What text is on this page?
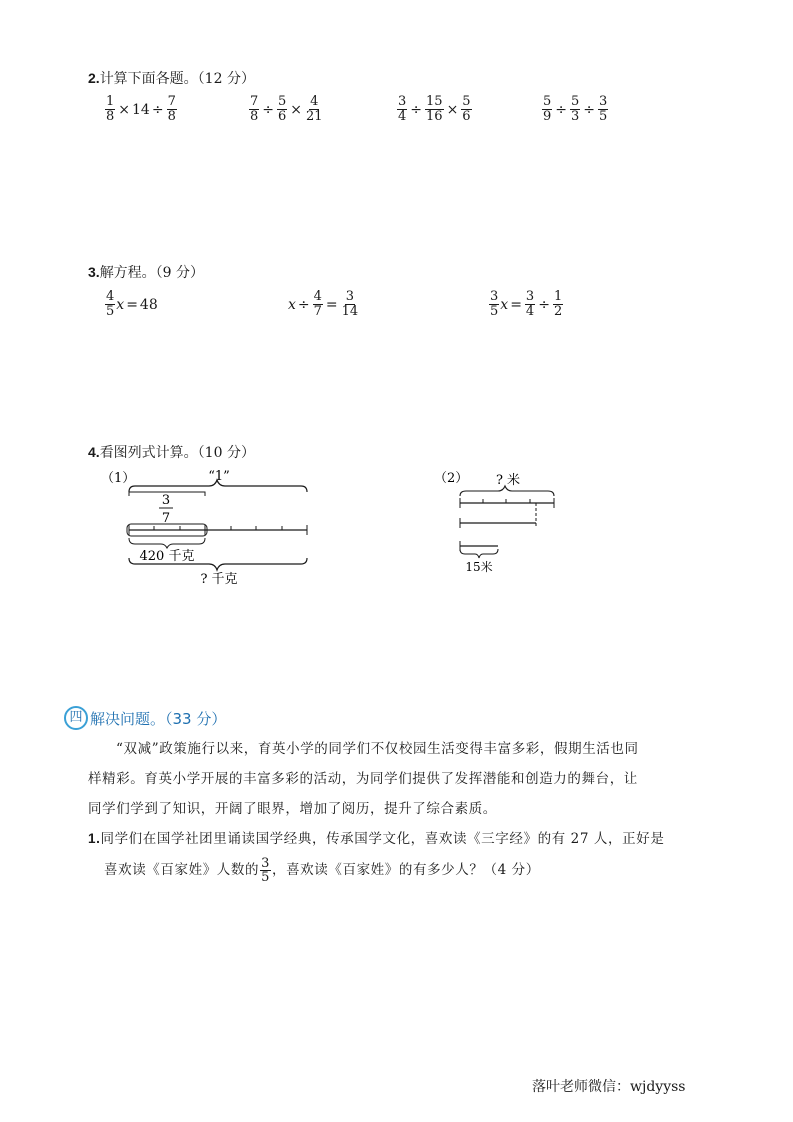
2.计算下面各题。（12 分）
$\frac{1}{8} \times 14 \div \frac{7}{8}$	$\frac{7}{8} \div \frac{5}{6} \times \frac{4}{21}$	$\frac{3}{4} \div \frac{15}{16} \times \frac{5}{6}$	$\frac{5}{9} \div \frac{5}{3} \div \frac{3}{5}$
3.解方程。（9 分）
$\frac{4}{5}$ x = 48	$x \div \frac{4}{7} = \frac{3}{14}$	$\frac{3}{5}$ $x = \frac{3}{4} \div \frac{1}{2}$
4.看图列式计算。（10 分）
（1）	“1”
3
7
420 千克
? 千克
（2） ? 米
15米
四 解决问题。（33 分）
“双减”政策施行以来，育英小学的同学们不仅校园生活变得丰富多彩，假期生活也同
样精彩。育英小学开展的丰富多彩的活动，为同学们提供了发挥潜能和创造力的舞台，让
同学们学到了知识，开阔了眼界，增加了阅历，提升了综合素质。
1.同学们在国学社团里诵读国学经典，传承国学文化，喜欢读《三字经》的有 27 人，正好是
喜欢读《百家姓》人数的 $\frac{3}{5}$ ，喜欢读《百家姓》的有多少人？（4 分）
落叶老师微信：wjdyyss
